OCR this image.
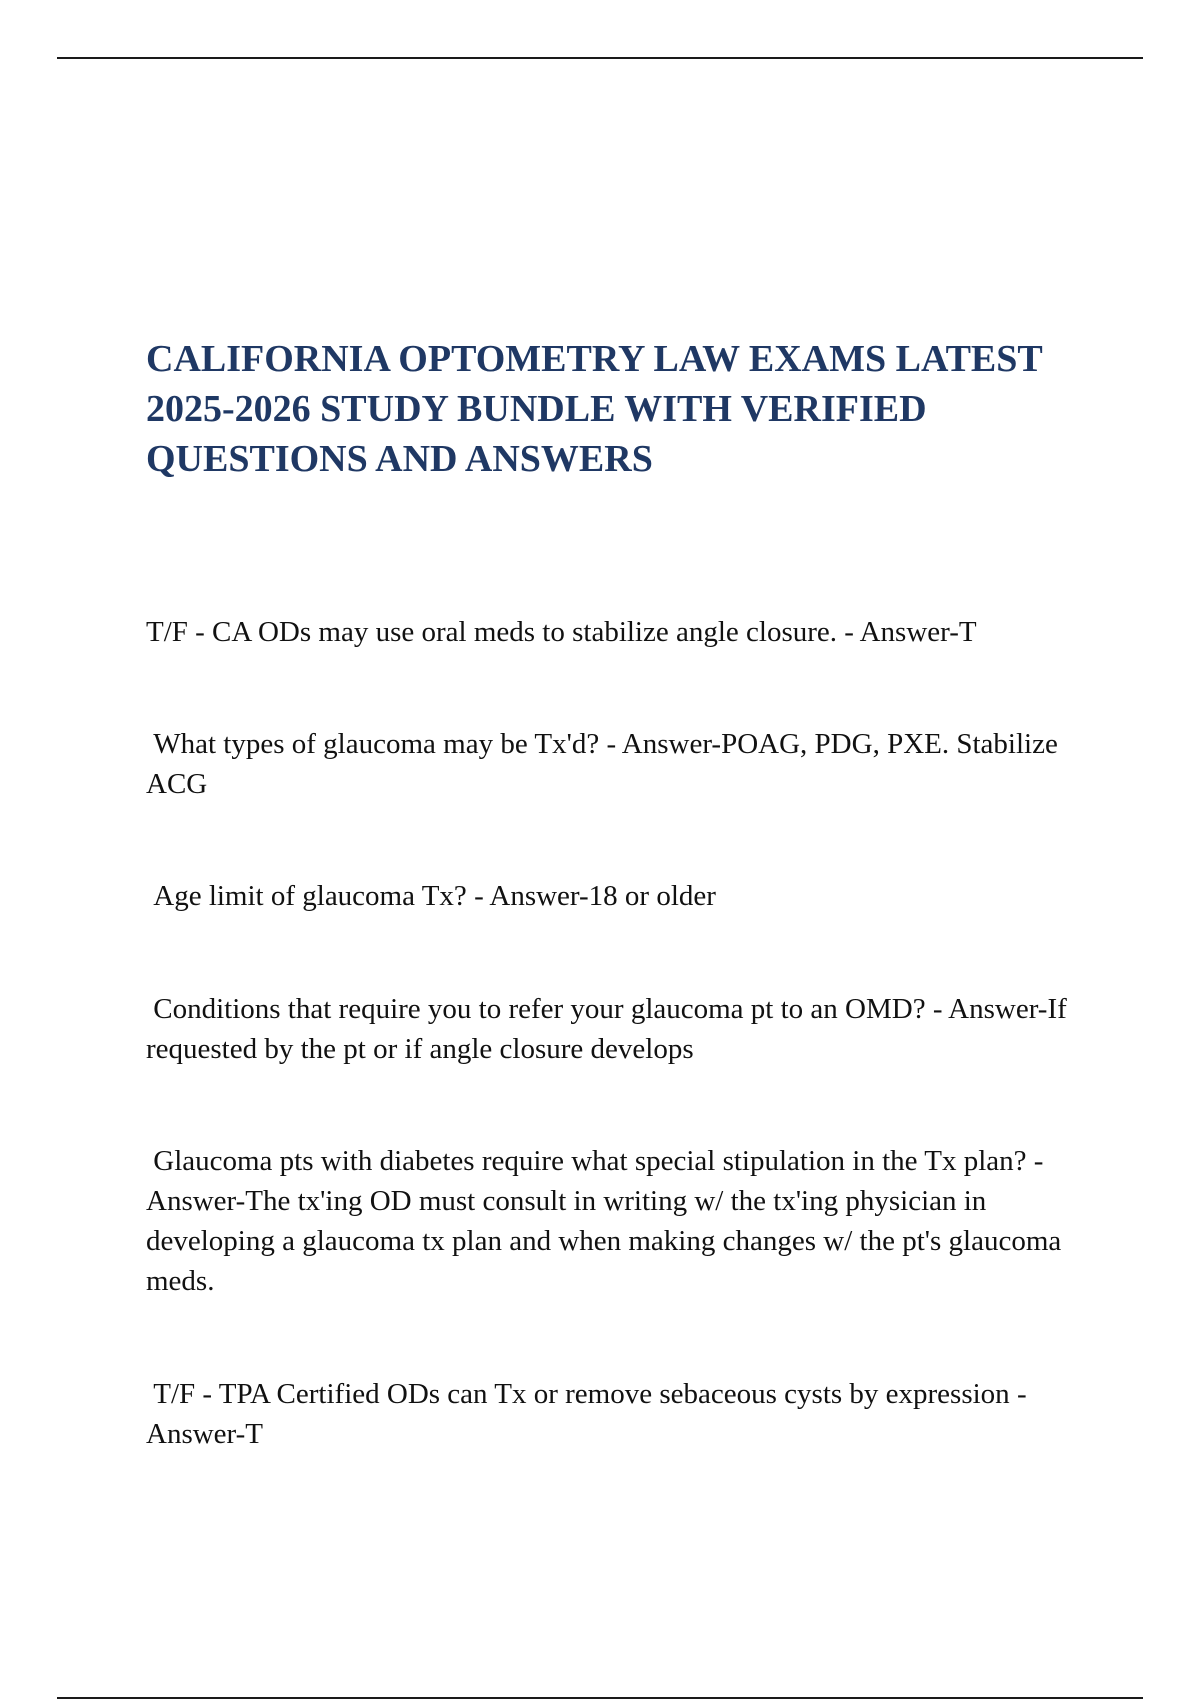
CALIFORNIA OPTOMETRY LAW EXAMS LATEST 2025-2026 STUDY BUNDLE WITH VERIFIED QUESTIONS AND ANSWERS

T/F - CA ODs may use oral meds to stabilize angle closure. - Answer-T

What types of glaucoma may be Tx'd? - Answer-POAG, PDG, PXE. Stabilize ACG

Age limit of glaucoma Tx? - Answer-18 or older

Conditions that require you to refer your glaucoma pt to an OMD? - Answer-If requested by the pt or if angle closure develops

Glaucoma pts with diabetes require what special stipulation in the Tx plan? - Answer-The tx'ing OD must consult in writing w/ the tx'ing physician in developing a glaucoma tx plan and when making changes w/ the pt's glaucoma meds.

T/F - TPA Certified ODs can Tx or remove sebaceous cysts by expression - Answer-T
